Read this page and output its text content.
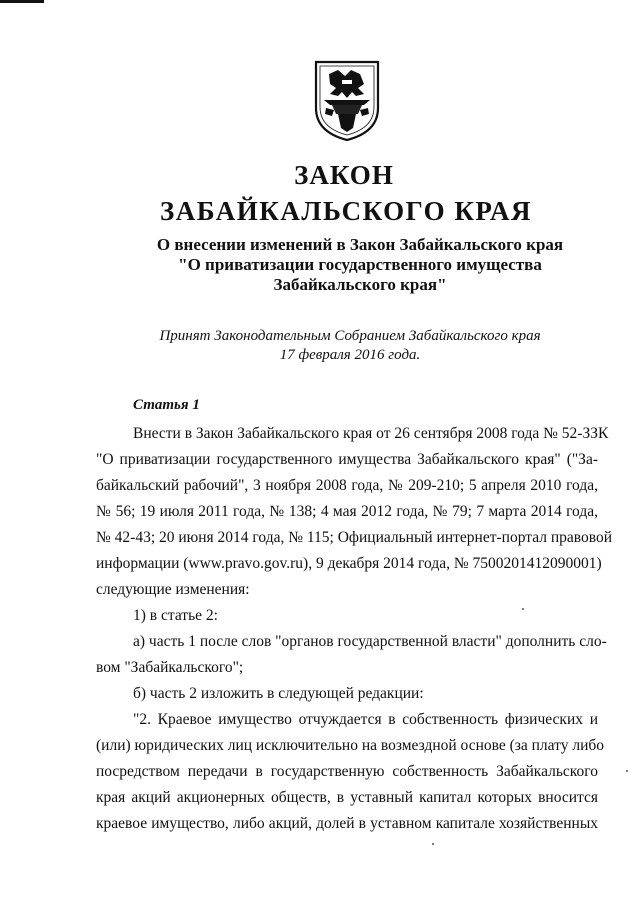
ЗАКОН
ЗАБАЙКАЛЬСКОГО КРАЯ
О внесении изменений в Закон Забайкальского края
"О приватизации государственного имущества
Забайкальского края"
Принят Законодательным Собранием Забайкальского края
17 февраля 2016 года.
Статья 1
Внести в Закон Забайкальского края от 26 сентября 2008 года № 52-ЗЗК
"О приватизации государственного имущества Забайкальского края" ("За-
байкальский рабочий", 3 ноября 2008 года, № 209-210; 5 апреля 2010 года,
№ 56; 19 июля 2011 года, № 138; 4 мая 2012 года, № 79; 7 марта 2014 года,
№ 42-43; 20 июня 2014 года, № 115; Официальный интернет-портал правовой
информации (www.pravo.gov.ru), 9 декабря 2014 года, № 7500201412090001)
следующие изменения:
1) в статье 2:
а) часть 1 после слов "органов государственной власти" дополнить сло-
вом "Забайкальского";
б) часть 2 изложить в следующей редакции:
"2. Краевое имущество отчуждается в собственность физических и
(или) юридических лиц исключительно на возмездной основе (за плату либо
посредством передачи в государственную собственность Забайкальского
края акций акционерных обществ, в уставный капитал которых вносится
краевое имущество, либо акций, долей в уставном капитале хозяйственных
